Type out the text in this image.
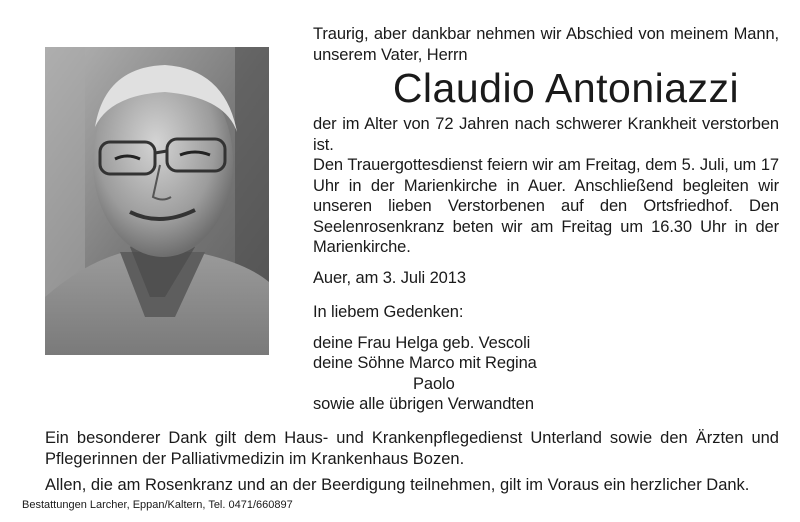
Traurig, aber dankbar nehmen wir Abschied von meinem Mann, unserem Vater, Herrn

Claudio Antoniazzi

der im Alter von 72 Jahren nach schwerer Krankheit verstorben ist.

Den Trauergottesdienst feiern wir am Freitag, dem 5. Juli, um 17 Uhr in der Marienkirche in Auer. Anschließend begleiten wir unseren lieben Verstorbenen auf den Ortsfriedhof. Den Seelenrosenkranz beten wir am Freitag um 16.30 Uhr in der Marienkirche.

Auer, am 3. Juli 2013

In liebem Gedenken:

deine Frau Helga geb. Vescoli

deine Söhne Marco mit Regina

Paolo

sowie alle übrigen Verwandten

Ein besonderer Dank gilt dem Haus- und Krankenpflegedienst Unterland sowie den Ärzten und Pflegerinnen der Palliativmedizin im Krankenhaus Bozen.

Allen, die am Rosenkranz und an der Beerdigung teilnehmen, gilt im Voraus ein herzlicher Dank.

Bestattungen Larcher, Eppan/Kaltern, Tel. 0471/660897
